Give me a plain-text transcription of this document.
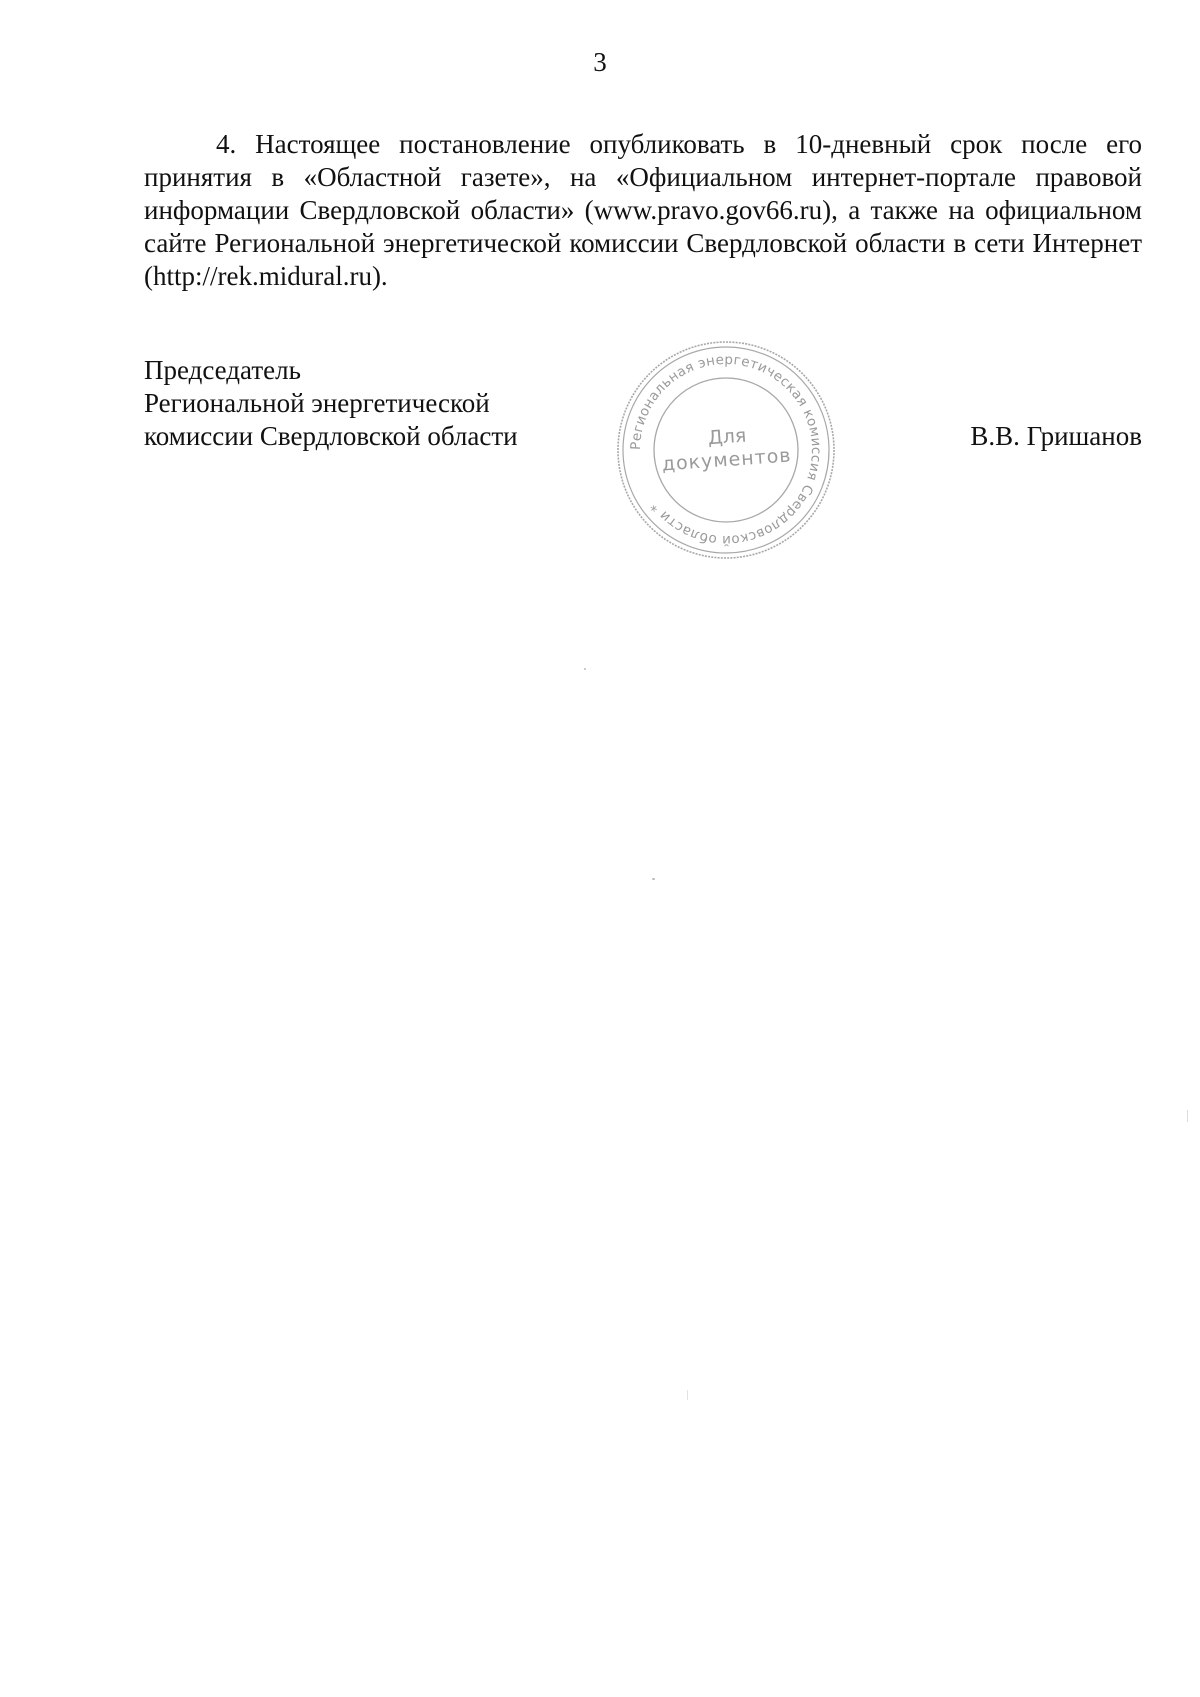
3

4. Настоящее постановление опубликовать в 10-дневный срок после его принятия в «Областной газете», на «Официальном интернет-портале правовой информации Свердловской области» (www.pravo.gov66.ru), а также на официальном сайте Региональной энергетической комиссии Свердловской области в сети Интернет (http://rek.midural.ru).

Председатель
Региональной энергетической
комиссии Свердловской области	В.В. Гришанов
Региональная энергетическая комиссия Свердловской области *
Для
документов
